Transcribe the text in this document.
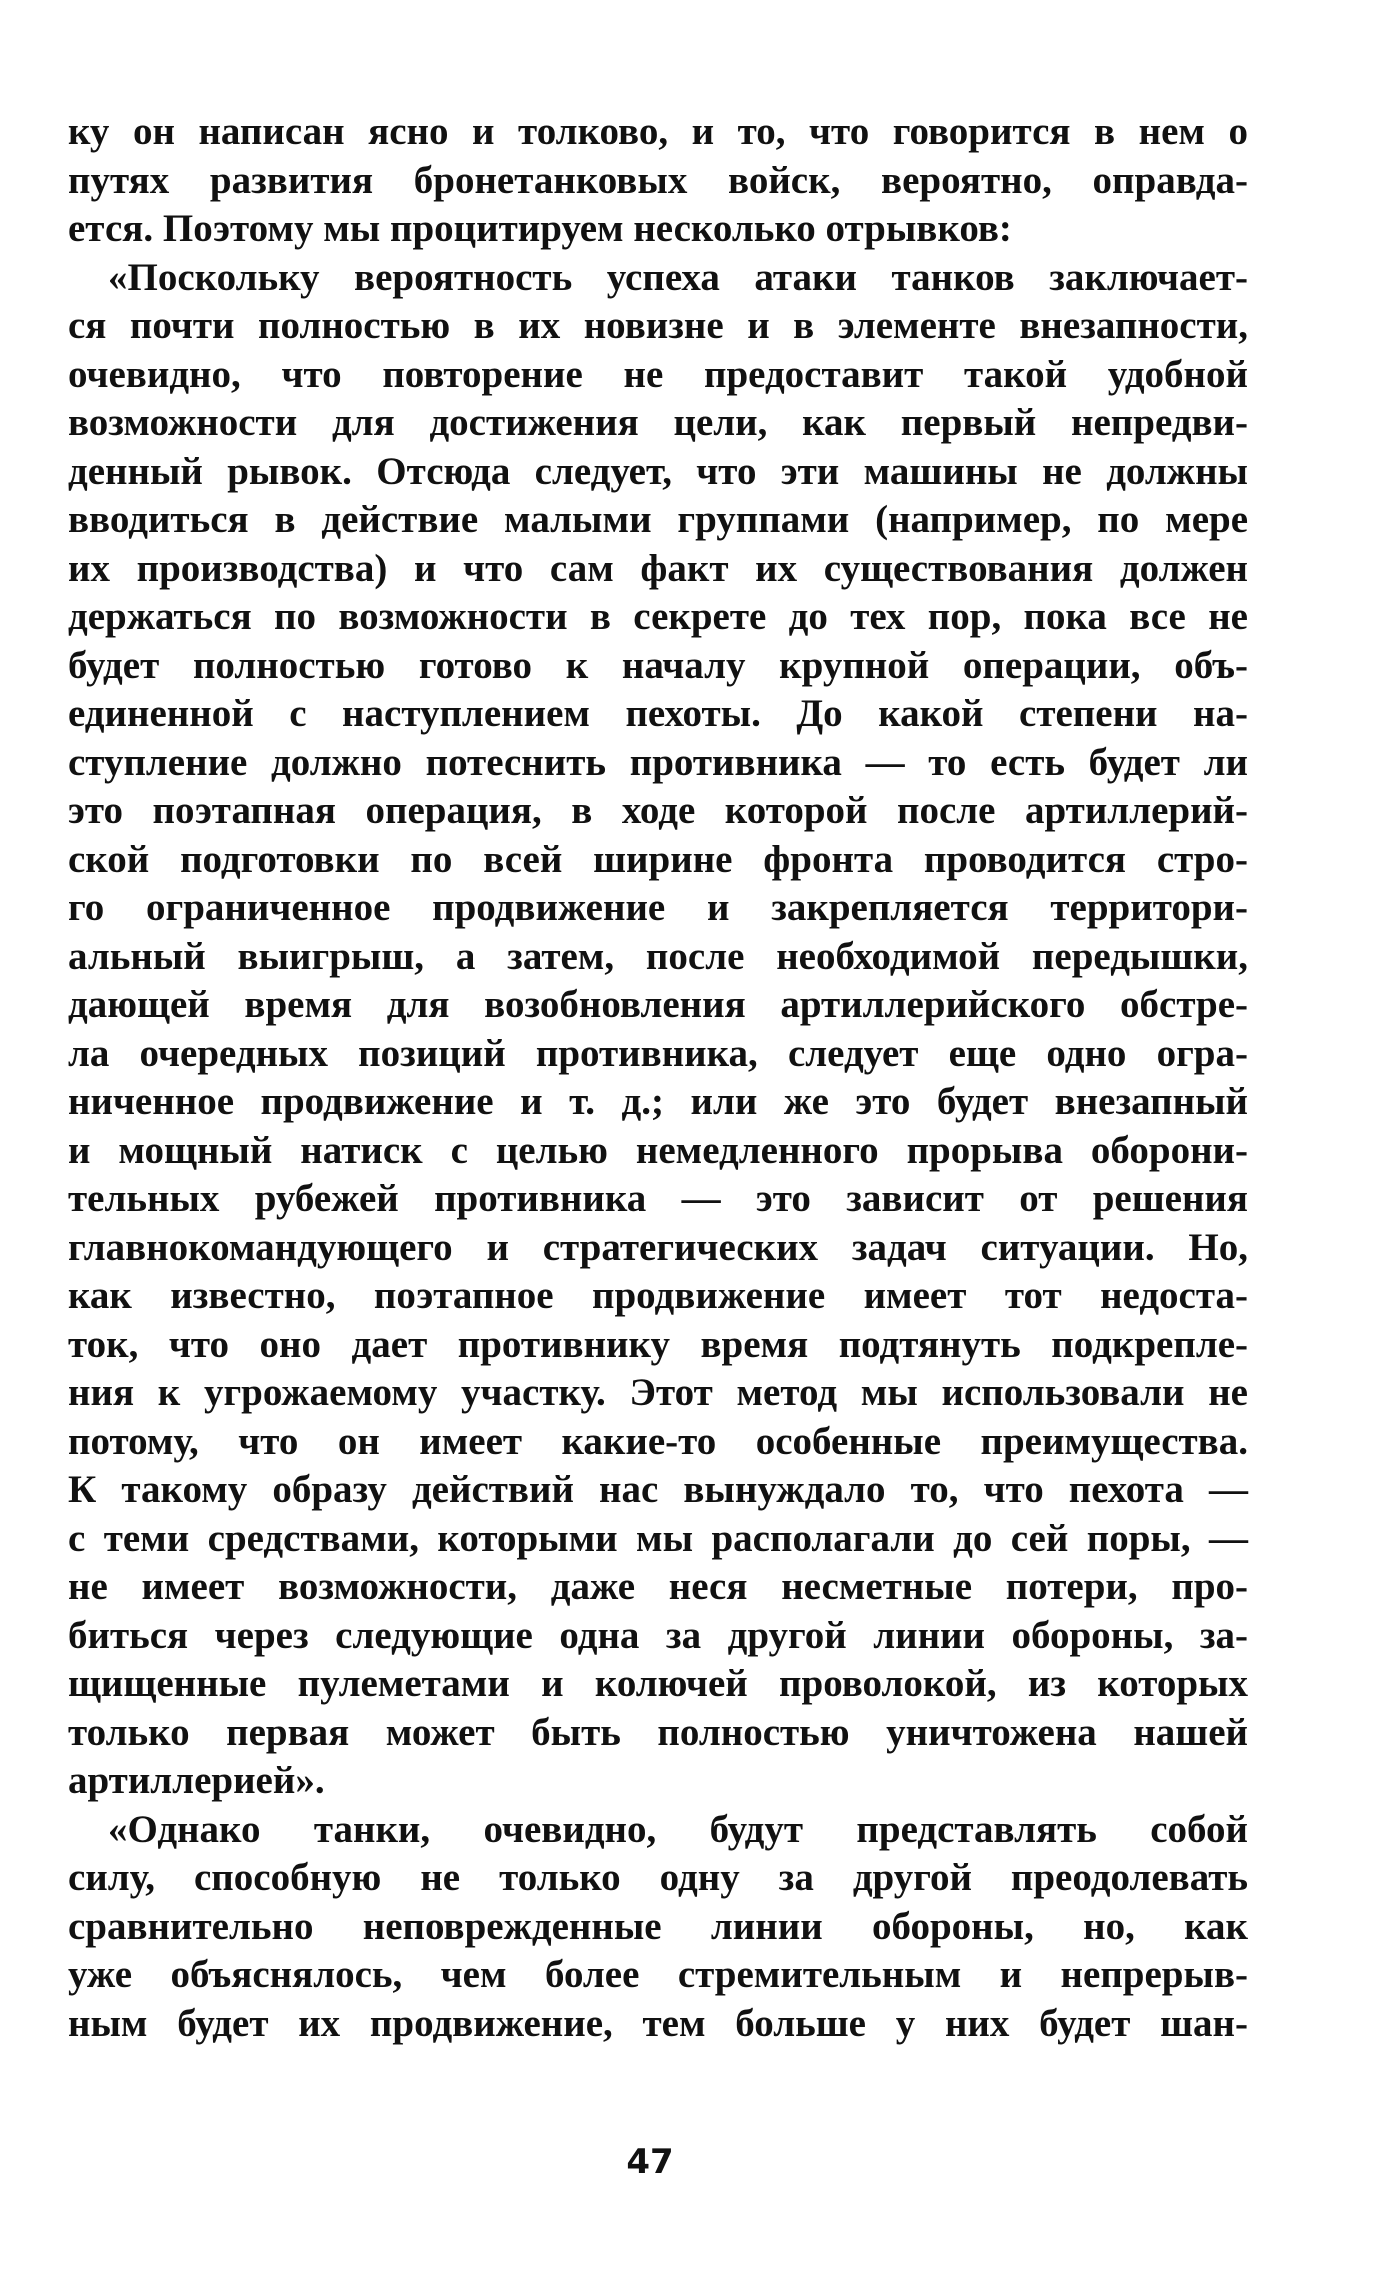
ку он написан ясно и толково, и то, что говорится в нем о
путях развития бронетанковых войск, вероятно, оправда-
ется. Поэтому мы процитируем несколько отрывков:
«Поскольку вероятность успеха атаки танков заключает-
ся почти полностью в их новизне и в элементе внезапности,
очевидно, что повторение не предоставит такой удобной
возможности для достижения цели, как первый непредви-
денный рывок. Отсюда следует, что эти машины не должны
вводиться в действие малыми группами (например, по мере
их производства) и что сам факт их существования должен
держаться по возможности в секрете до тех пор, пока все не
будет полностью готово к началу крупной операции, объ-
единенной с наступлением пехоты. До какой степени на-
ступление должно потеснить противника — то есть будет ли
это поэтапная операция, в ходе которой после артиллерий-
ской подготовки по всей ширине фронта проводится стро-
го ограниченное продвижение и закрепляется территори-
альный выигрыш, а затем, после необходимой передышки,
дающей время для возобновления артиллерийского обстре-
ла очередных позиций противника, следует еще одно огра-
ниченное продвижение и т. д.; или же это будет внезапный
и мощный натиск с целью немедленного прорыва оборони-
тельных рубежей противника — это зависит от решения
главнокомандующего и стратегических задач ситуации. Но,
как известно, поэтапное продвижение имеет тот недоста-
ток, что оно дает противнику время подтянуть подкрепле-
ния к угрожаемому участку. Этот метод мы использовали не
потому, что он имеет какие-то особенные преимущества.
К такому образу действий нас вынуждало то, что пехота —
с теми средствами, которыми мы располагали до сей поры, —
не имеет возможности, даже неся несметные потери, про-
биться через следующие одна за другой линии обороны, за-
щищенные пулеметами и колючей проволокой, из которых
только первая может быть полностью уничтожена нашей
артиллерией».
«Однако танки, очевидно, будут представлять собой
силу, способную не только одну за другой преодолевать
сравнительно неповрежденные линии обороны, но, как
уже объяснялось, чем более стремительным и непрерыв-
ным будет их продвижение, тем больше у них будет шан-
47
